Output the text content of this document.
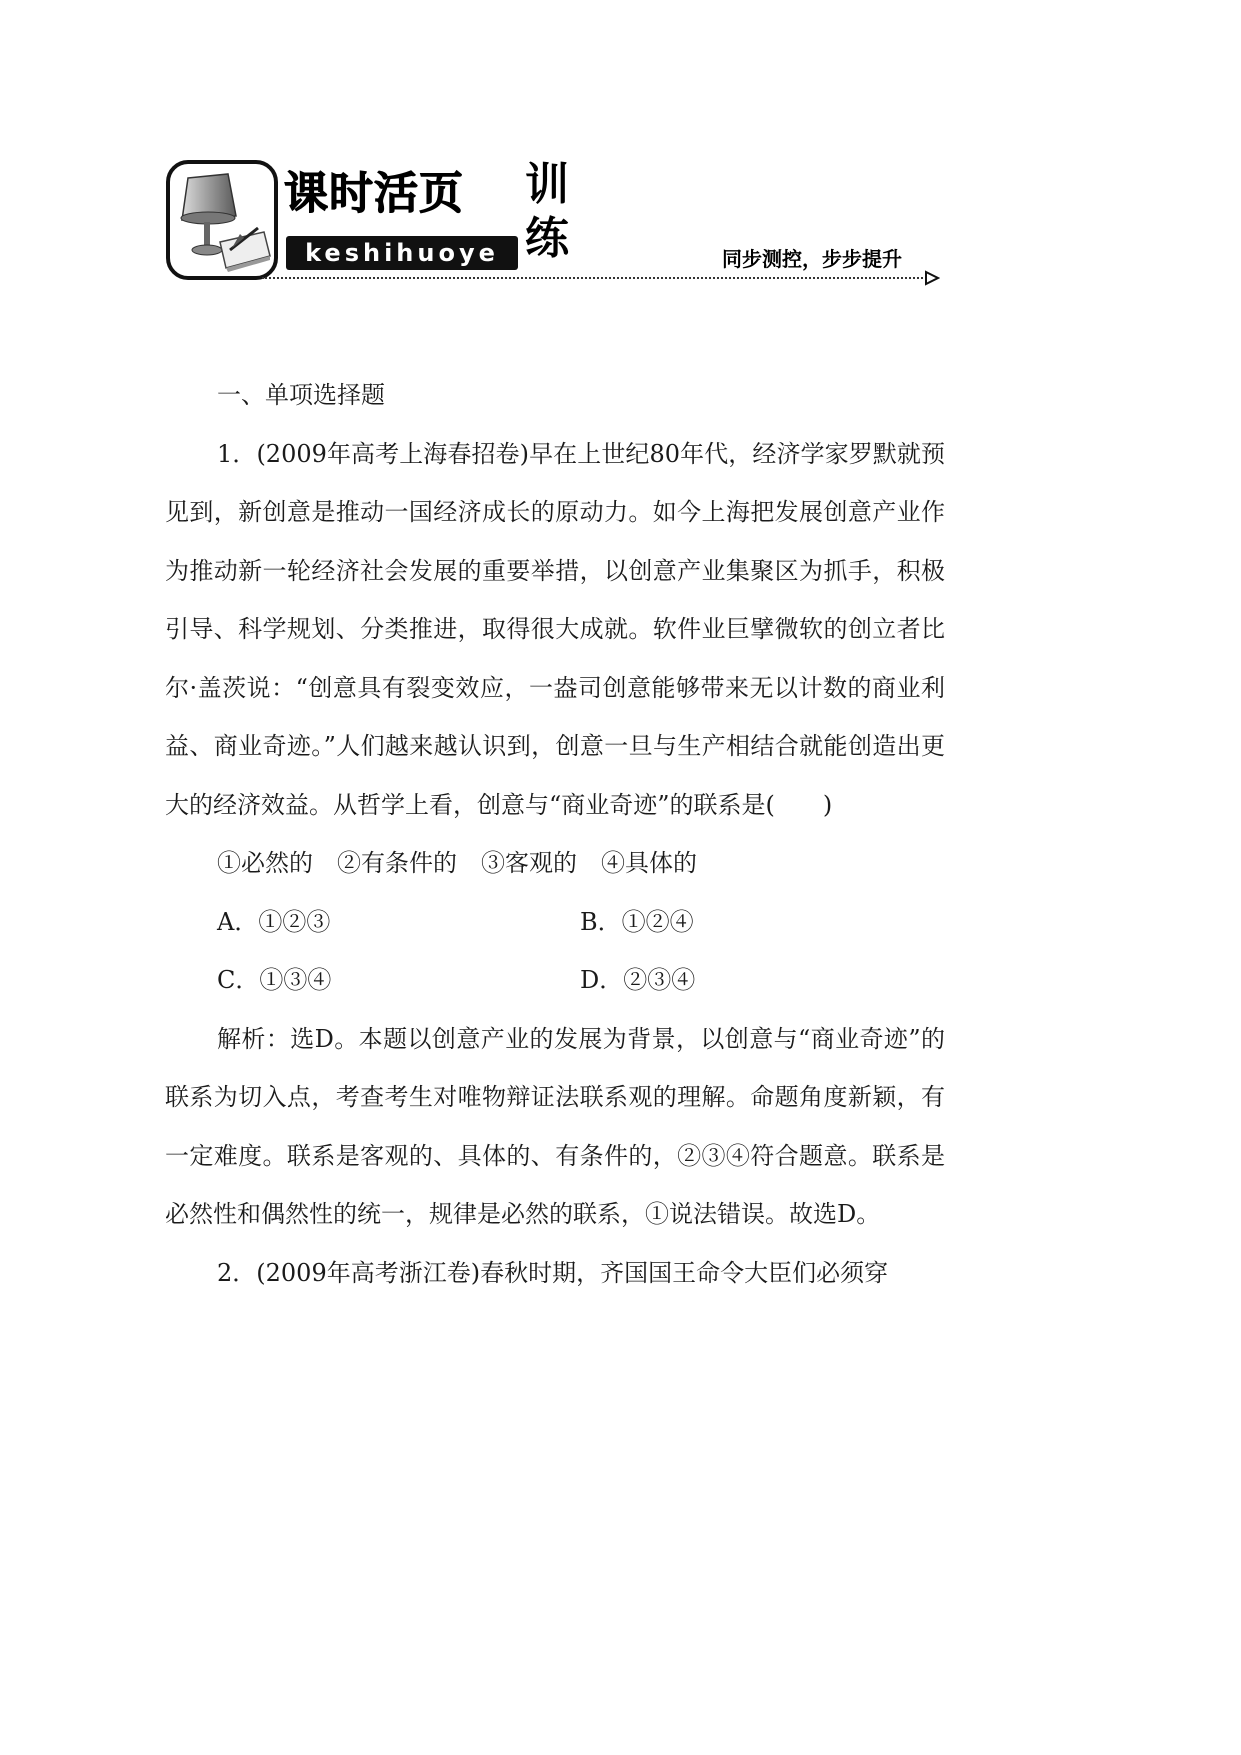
课时活页
keshihuoye
训
练	同步测控，步步提升

一、单项选择题

1．(2009年高考上海春招卷)早在上世纪80年代，经济学家罗默就预见到，新创意是推动一国经济成长的原动力。如今上海把发展创意产业作为推动新一轮经济社会发展的重要举措，以创意产业集聚区为抓手，积极引导、科学规划、分类推进，取得很大成就。软件业巨擘微软的创立者比尔·盖茨说：“创意具有裂变效应，一盎司创意能够带来无以计数的商业利益、商业奇迹。”人们越来越认识到，创意一旦与生产相结合就能创造出更大的经济效益。从哲学上看，创意与“商业奇迹”的联系是(　　)

①必然的　②有条件的　③客观的　④具体的

A．①②③	B．①②④
C．①③④	D．②③④

解析：选D。本题以创意产业的发展为背景，以创意与“商业奇迹”的联系为切入点，考查考生对唯物辩证法联系观的理解。命题角度新颖，有一定难度。联系是客观的、具体的、有条件的，②③④符合题意。联系是必然性和偶然性的统一，规律是必然的联系，①说法错误。故选D。

2．(2009年高考浙江卷)春秋时期，齐国国王命令大臣们必须穿
